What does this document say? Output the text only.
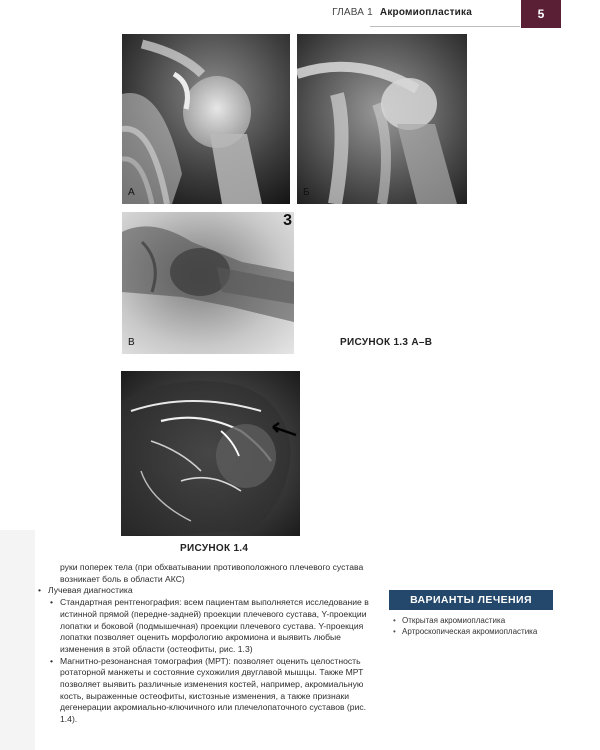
ГЛАВА 1 Акромиопластика	5
А	Б
3
В	РИСУНОК 1.3 А–В
РИСУНОК 1.4

руки поперек тела (при обхватывании противоположного плечевого сустава возникает боль в области АКС)

• Лучевая диагностика

• Стандартная рентгенография: всем пациентам выполняется исследование в истинной прямой (передне-задней) проекции плечевого сустава, Y-проекции лопатки и боковой (подмышечная) проекции плечевого сустава. Y-проекция лопатки позволяет оценить морфологию акромиона и выявить любые изменения в этой области (остеофиты, рис. 1.3)

• Магнитно-резонансная томография (МРТ): позволяет оценить целостность ротаторной манжеты и состояние сухожилия двуглавой мышцы. Также МРТ позволяет выявить различные изменения костей, например, акромиальную кость, выраженные остеофиты, кистозные изменения, а также признаки дегенерации акромиально-ключичного или плечелопаточного суставов (рис. 1.4).

ВАРИАНТЫ ЛЕЧЕНИЯ
• Открытая акромиопластика
• Артроскопическая акромиопластика
